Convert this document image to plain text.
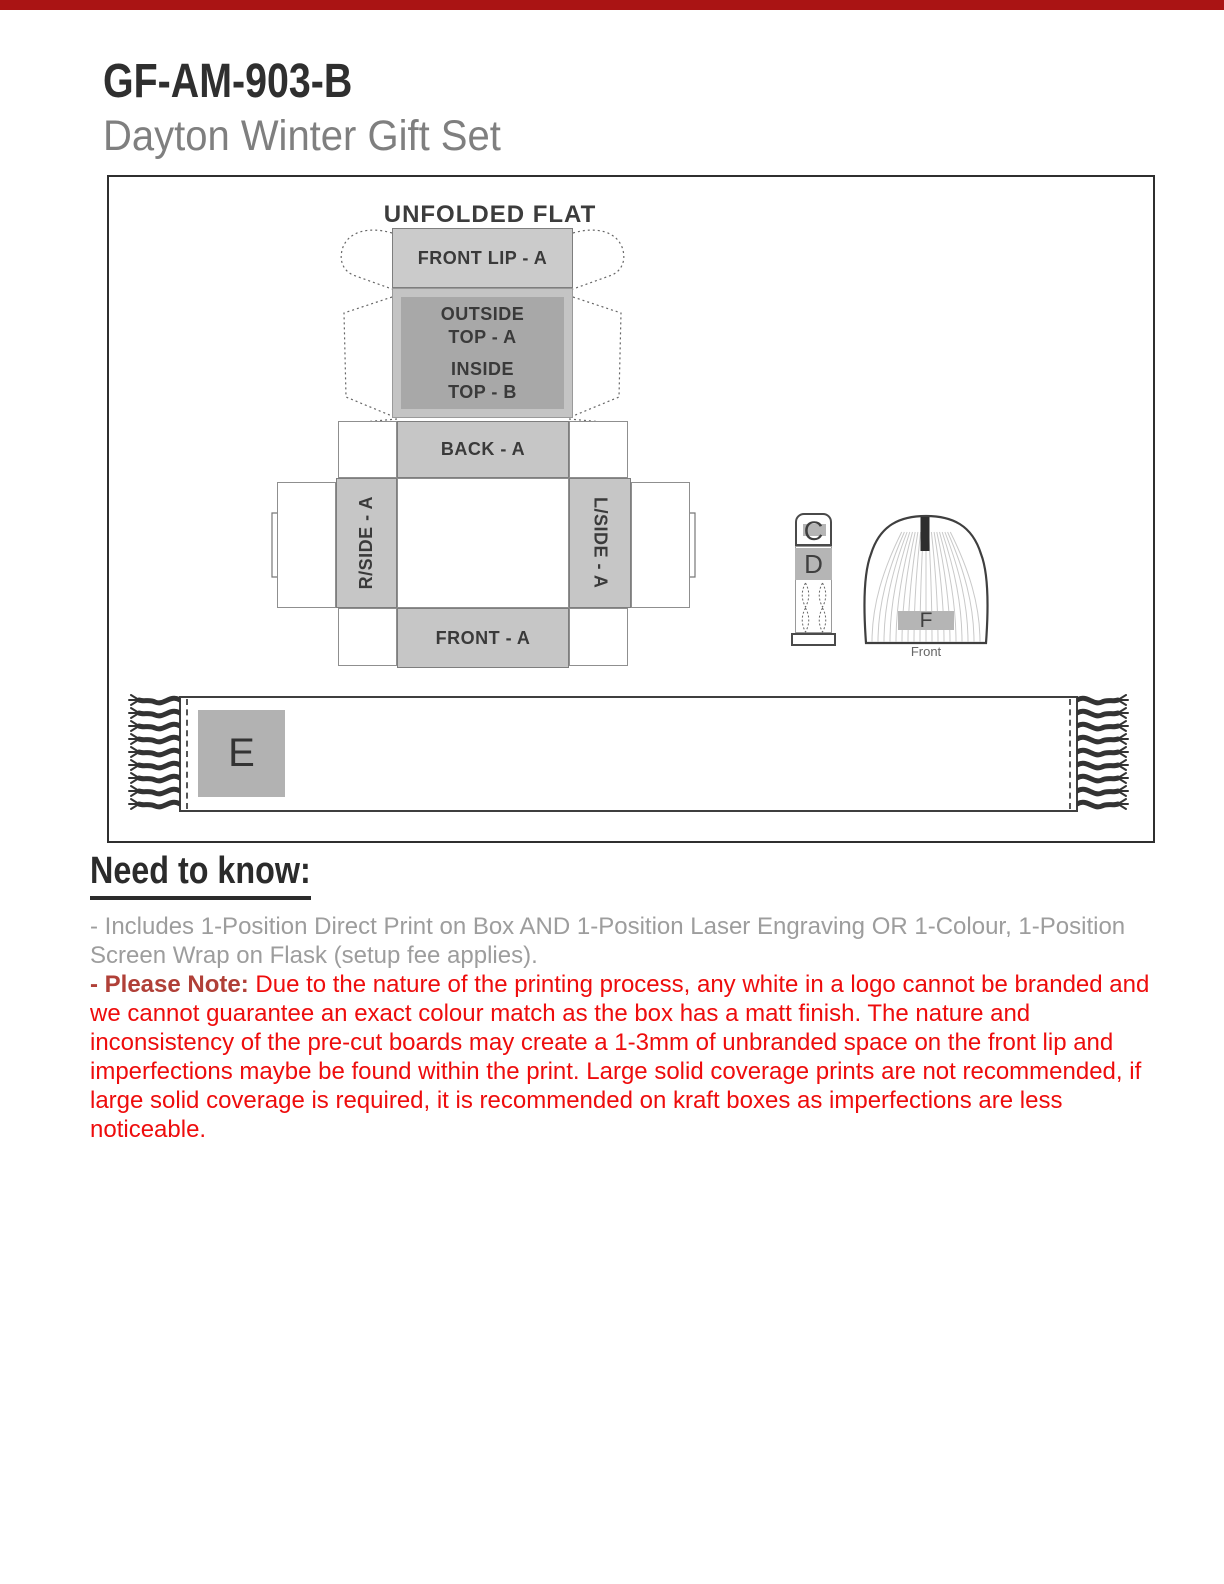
GF-AM-903-B
Dayton Winter Gift Set
UNFOLDED FLAT
FRONT LIP - A
OUTSIDE
TOP - A
INSIDE
TOP - B
BACK - A
R/SIDE - A	L/SIDE - A
FRONT - A
C
D
F
Front
E
Need to know:

- Includes 1-Position Direct Print on Box AND 1-Position Laser Engraving OR 1-Colour, 1-Position Screen Wrap on Flask (setup fee applies).

- Please Note: Due to the nature of the printing process, any white in a logo cannot be branded and we cannot guarantee an exact colour match as the box has a matt finish. The nature and inconsistency of the pre-cut boards may create a 1-3mm of unbranded space on the front lip and imperfections maybe be found within the print. Large solid coverage prints are not recommended, if large solid coverage is required, it is recommended on kraft boxes as imperfections are less noticeable.
